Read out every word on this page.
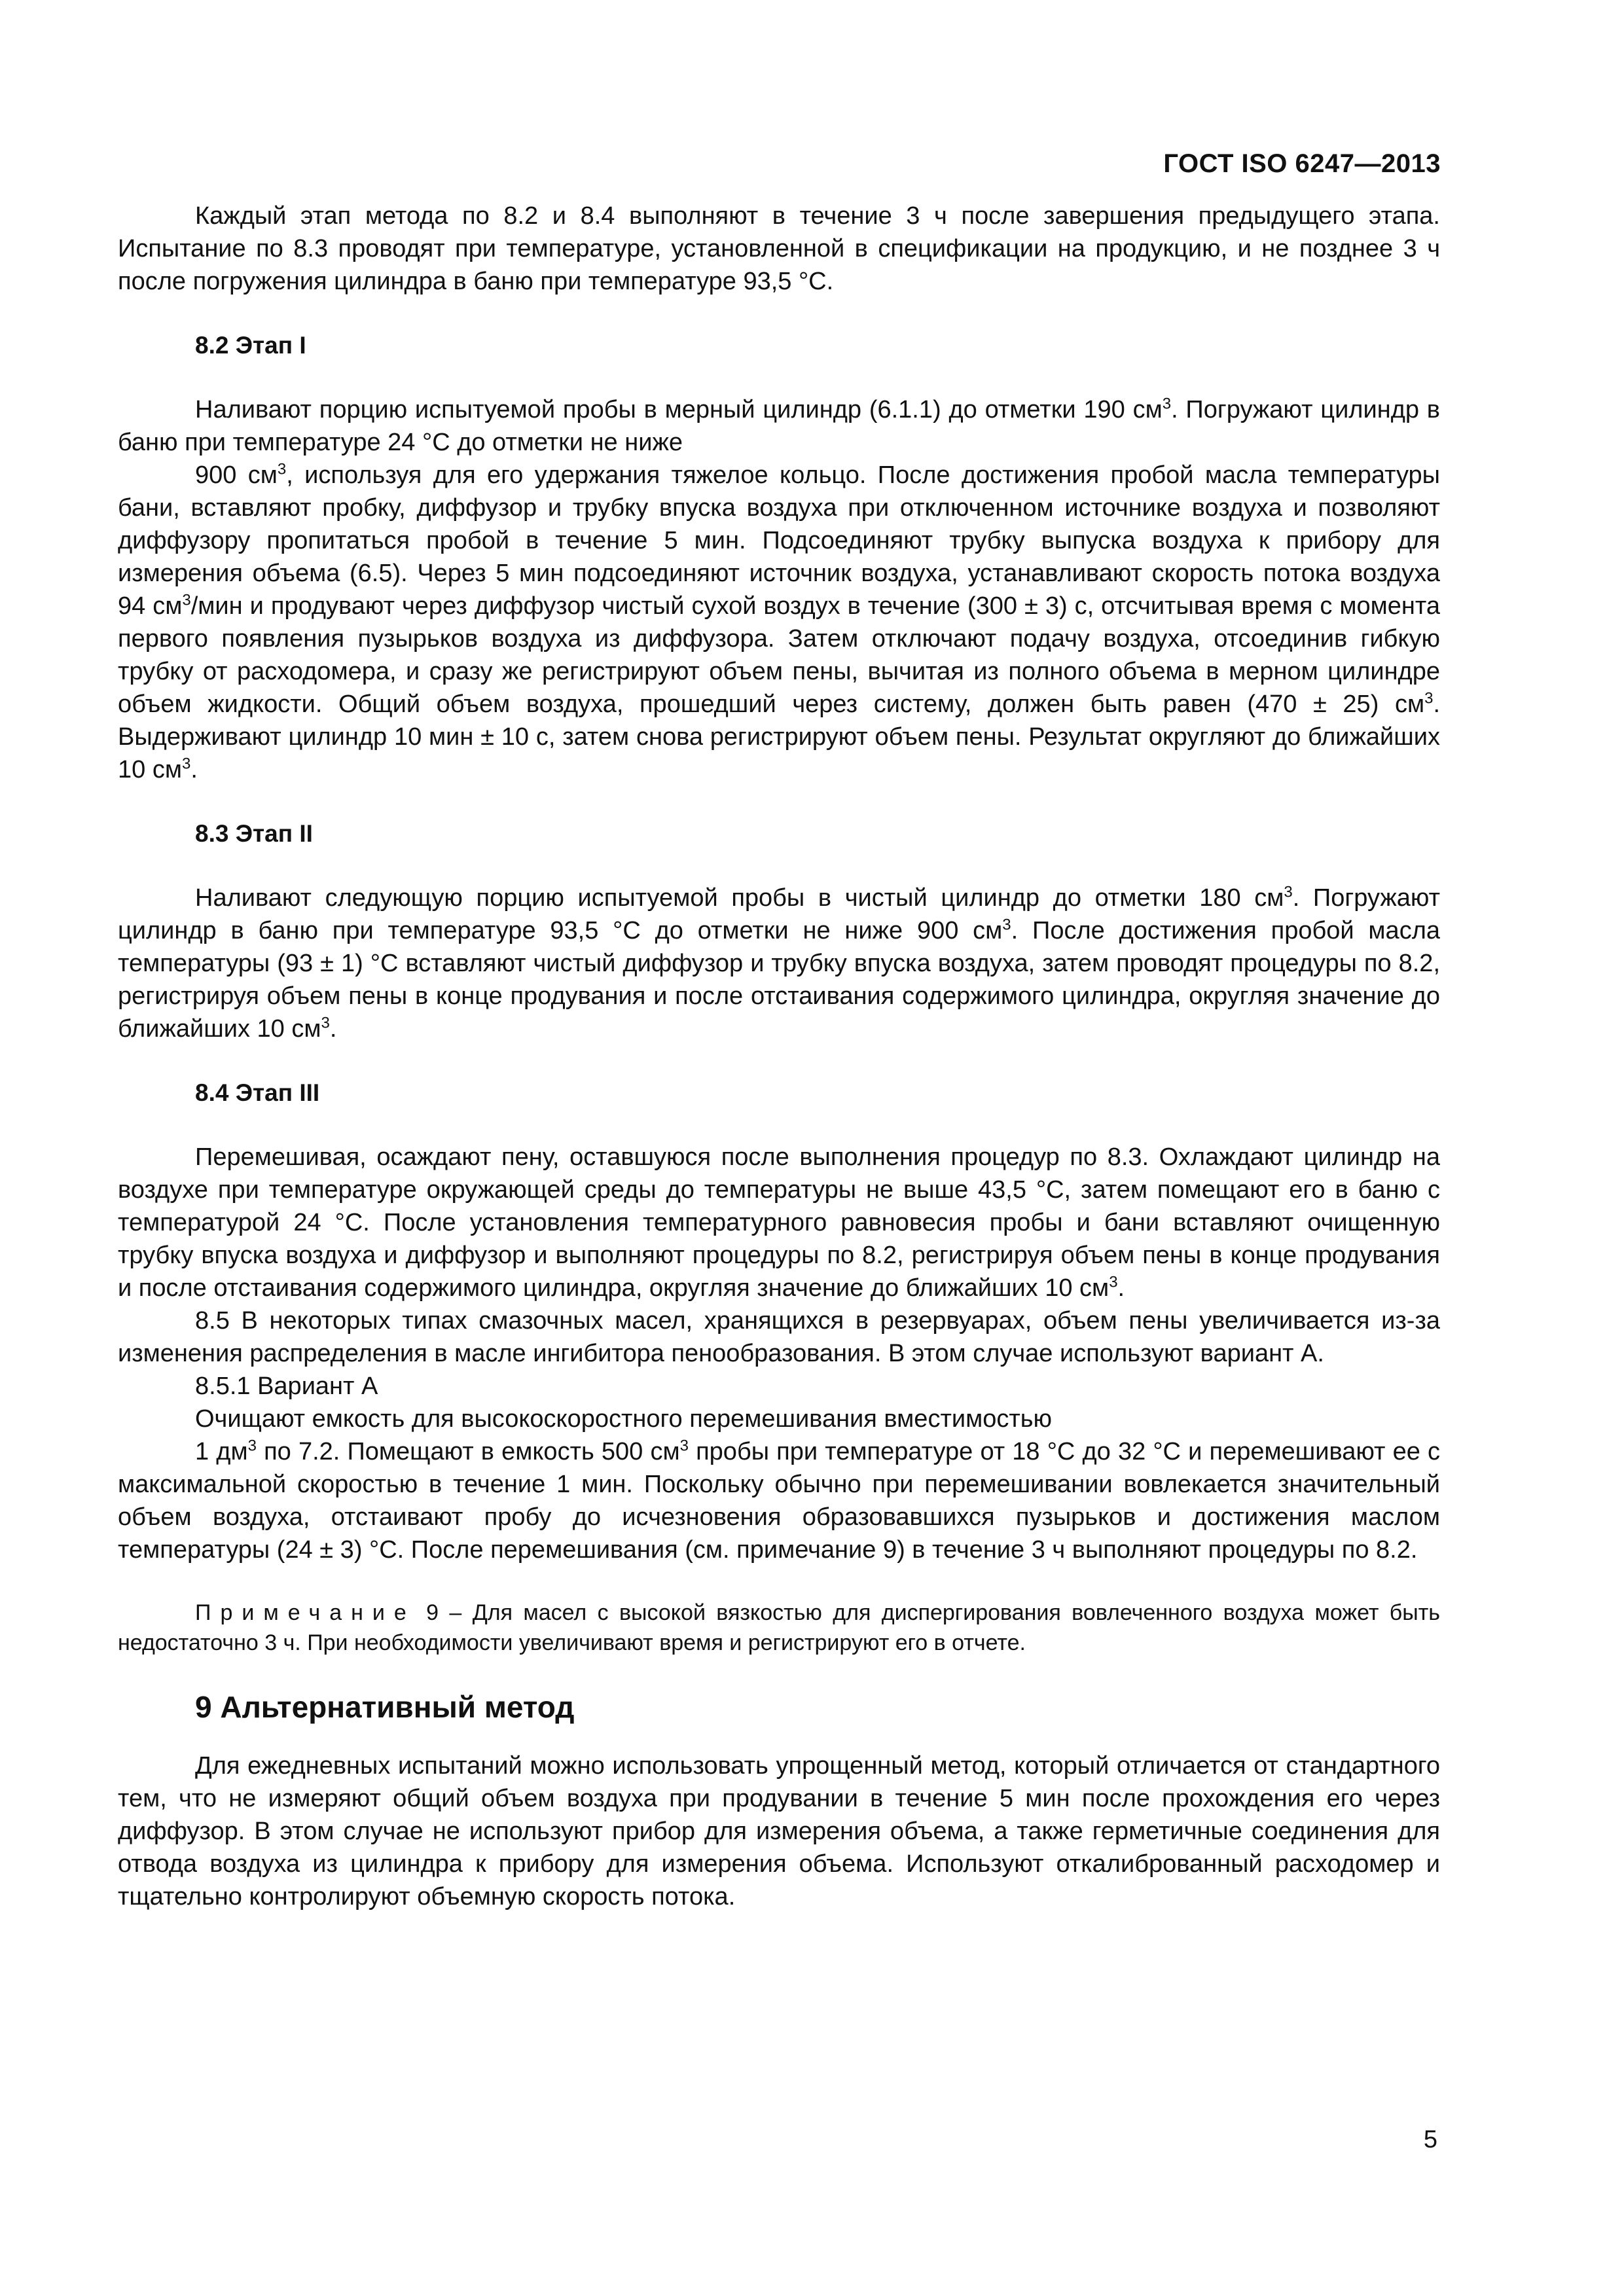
ГОСТ ISO 6247—2013

Каждый этап метода по 8.2 и 8.4 выполняют в течение 3 ч после завершения предыдущего этапа. Испытание по 8.3 проводят при температуре, установленной в спецификации на продукцию, и не позднее 3 ч после погружения цилиндра в баню при температуре 93,5 °С.

8.2 Этап I

Наливают порцию испытуемой пробы в мерный цилиндр (6.1.1) до отметки 190 $см^3$. Погружают цилиндр в баню при температуре 24 °С до отметки не ниже

900 $см^3$, используя для его удержания тяжелое кольцо. После достижения пробой масла температуры бани, вставляют пробку, диффузор и трубку впуска воздуха при отключенном источнике воздуха и позволяют диффузору пропитаться пробой в течение 5 мин. Подсоединяют трубку выпуска воздуха к прибору для измерения объема (6.5). Через 5 мин подсоединяют источник воздуха, устанавливают скорость потока воздуха 94 $см^3$/мин и продувают через диффузор чистый сухой воздух в течение (300 ± 3) с, отсчитывая время с момента первого появления пузырьков воздуха из диффузора. Затем отключают подачу воздуха, отсоединив гибкую трубку от расходомера, и сразу же регистрируют объем пены, вычитая из полного объема в мерном цилиндре объем жидкости. Общий объем воздуха, прошедший через систему, должен быть равен (470 ± 25) $см^3$. Выдерживают цилиндр 10 мин ± 10 с, затем снова регистрируют объем пены. Результат округляют до ближайших 10 $см^3$.

8.3 Этап II

Наливают следующую порцию испытуемой пробы в чистый цилиндр до отметки 180 $см^3$. Погружают цилиндр в баню при температуре 93,5 °С до отметки не ниже 900 $см^3$. После достижения пробой масла температуры (93 ± 1) °С вставляют чистый диффузор и трубку впуска воздуха, затем проводят процедуры по 8.2, регистрируя объем пены в конце продувания и после отстаивания содержимого цилиндра, округляя значение до ближайших 10 $см^3$.

8.4 Этап III

Перемешивая, осаждают пену, оставшуюся после выполнения процедур по 8.3. Охлаждают цилиндр на воздухе при температуре окружающей среды до температуры не выше 43,5 °С, затем помещают его в баню с температурой 24 °С. После установления температурного равновесия пробы и бани вставляют очищенную трубку впуска воздуха и диффузор и выполняют процедуры по 8.2, регистрируя объем пены в конце продувания и после отстаивания содержимого цилиндра, округляя значение до ближайших 10 $см^3$.

8.5 В некоторых типах смазочных масел, хранящихся в резервуарах, объем пены увеличивается из-за изменения распределения в масле ингибитора пенообразования. В этом случае используют вариант А.

8.5.1 Вариант А

Очищают емкость для высокоскоростного перемешивания вместимостью

1 $дм^3$ по 7.2. Помещают в емкость 500 $см^3$ пробы при температуре от 18 °С до 32 °С и перемешивают ее с максимальной скоростью в течение 1 мин. Поскольку обычно при перемешивании вовлекается значительный объем воздуха, отстаивают пробу до исчезновения образовавшихся пузырьков и достижения маслом температуры (24 ± 3) °С. После перемешивания (см. примечание 9) в течение 3 ч выполняют процедуры по 8.2.

Примечание 9 – Для масел с высокой вязкостью для диспергирования вовлеченного воздуха может быть недостаточно 3 ч. При необходимости увеличивают время и регистрируют его в отчете.
9 Альтернативный метод

Для ежедневных испытаний можно использовать упрощенный метод, который отличается от стандартного тем, что не измеряют общий объем воздуха при продувании в течение 5 мин после прохождения его через диффузор. В этом случае не используют прибор для измерения объема, а также герметичные соединения для отвода воздуха из цилиндра к прибору для измерения объема. Используют откалиброванный расходомер и тщательно контролируют объемную скорость потока.

5
